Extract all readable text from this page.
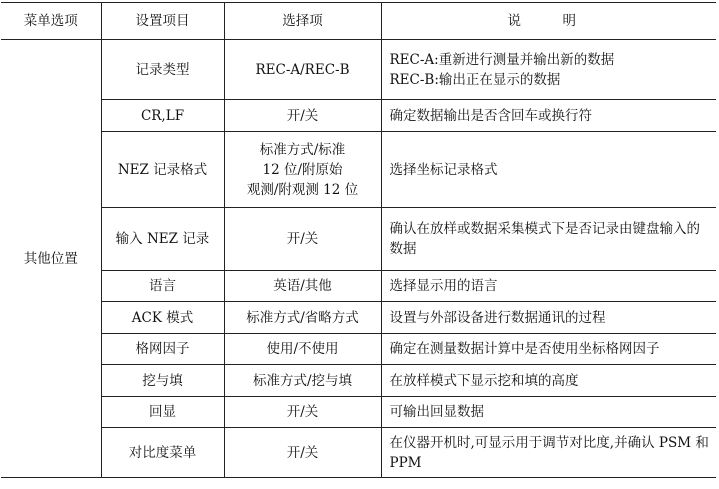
菜单选项	设置项目	选择项	说　明
其他位置	记录类型	REC-A/REC-B	REC-A:重新进行测量并输出新的数据
REC-B:输出正在显示的数据
	CR,LF	开/关	确定数据输出是否含回车或换行符
	NEZ 记录格式	标准方式/标准
12 位/附原始
观测/附观测 12 位	选择坐标记录格式
	输入 NEZ 记录	开/关	确认在放样或数据采集模式下是否记录由键盘输入的数据
	语言	英语/其他	选择显示用的语言
	ACK 模式	标准方式/省略方式	设置与外部设备进行数据通讯的过程
	格网因子	使用/不使用	确定在测量数据计算中是否使用坐标格网因子
	挖与填	标准方式/挖与填	在放样模式下显示挖和填的高度
	回显	开/关	可输出回显数据
	对比度菜单	开/关	在仪器开机时,可显示用于调节对比度,并确认 PSM 和 PPM
